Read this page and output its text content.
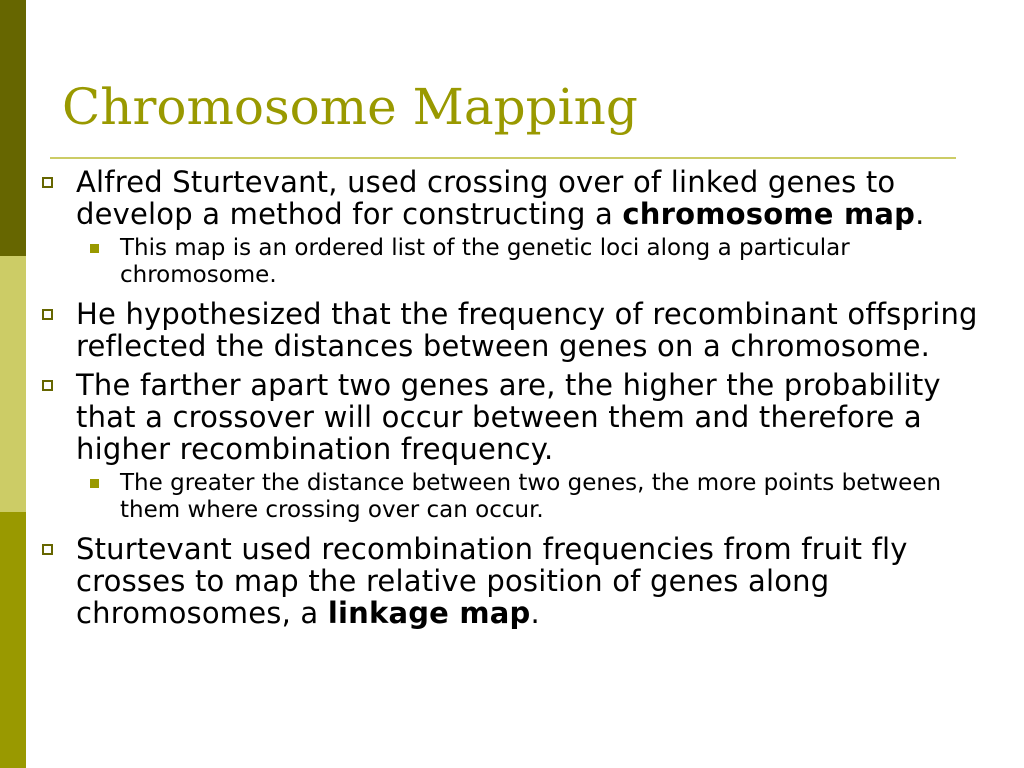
Chromosome Mapping
Alfred Sturtevant, used crossing over of linked genes to develop a method for constructing a chromosome map.
This map is an ordered list of the genetic loci along a particular chromosome.
He hypothesized that the frequency of recombinant offspring reflected the distances between genes on a chromosome.
The farther apart two genes are, the higher the probability that a crossover will occur between them and therefore a higher recombination frequency.
The greater the distance between two genes, the more points between them where crossing over can occur.
Sturtevant used recombination frequencies from fruit fly crosses to map the relative position of genes along chromosomes, a linkage map.
